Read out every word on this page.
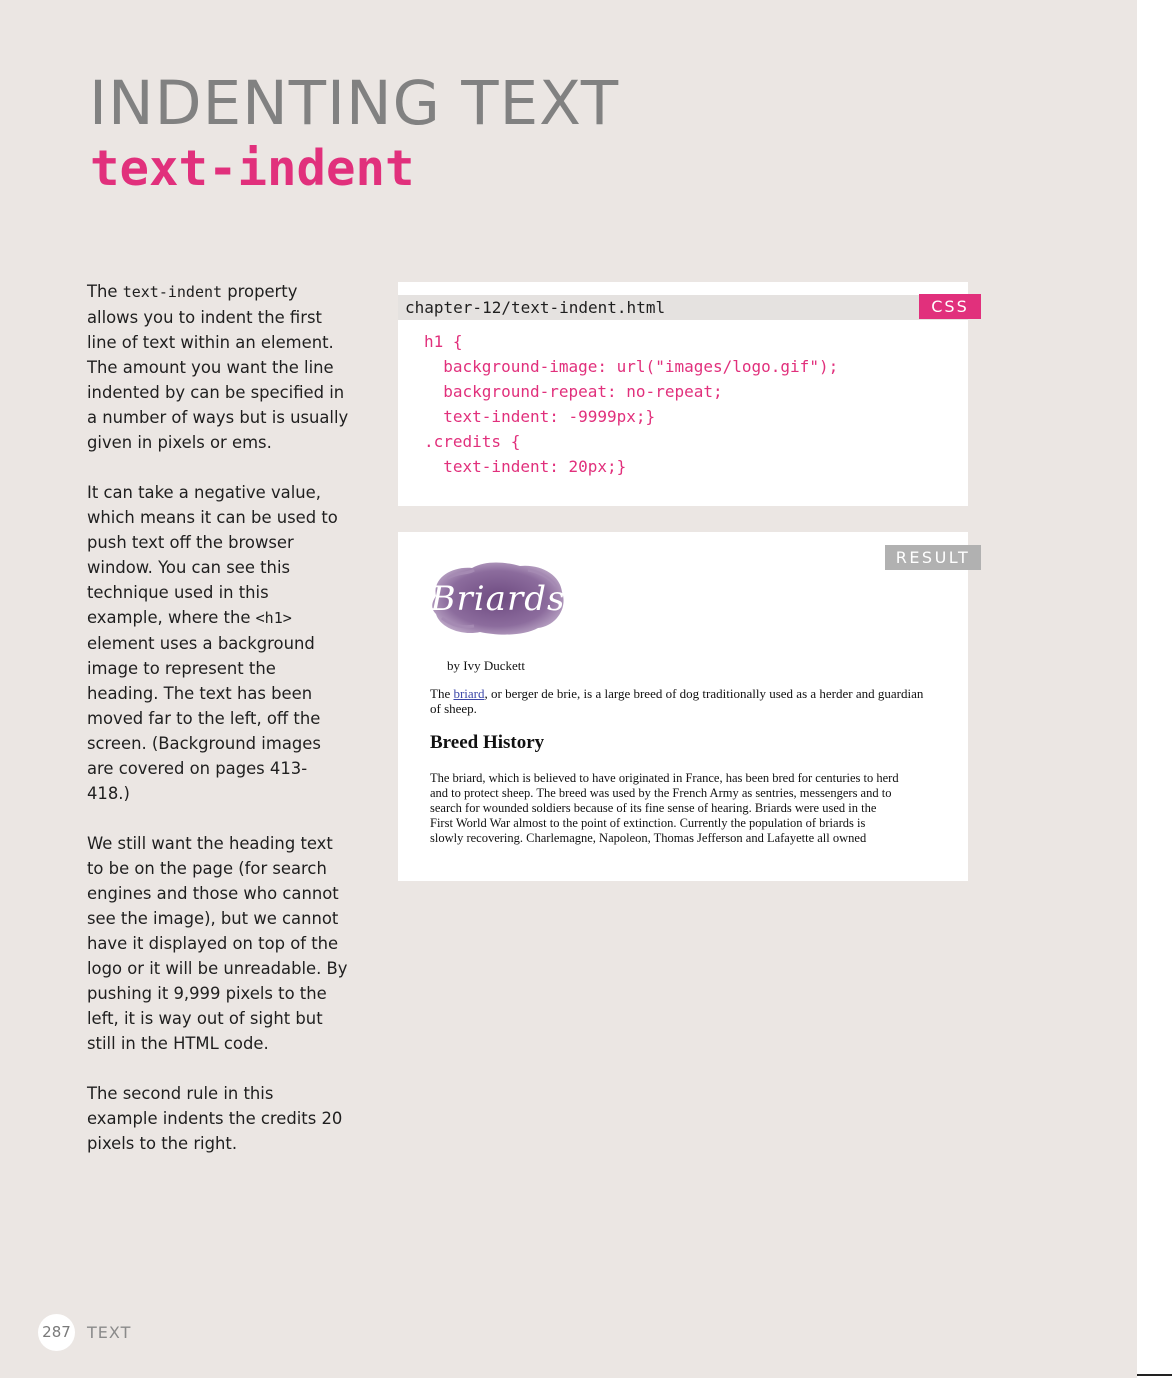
INDENTING TEXT
text-indent

The text-indent property allows you to indent the first line of text within an element. The amount you want the line indented by can be specified in a number of ways but is usually given in pixels or ems.

It can take a negative value, which means it can be used to push text off the browser window. You can see this technique used in this example, where the <h1> element uses a background image to represent the heading. The text has been moved far to the left, off the screen. (Background images are covered on pages 413-418.)

We still want the heading text to be on the page (for search engines and those who cannot see the image), but we cannot have it displayed on top of the logo or it will be unreadable. By pushing it 9,999 pixels to the left, it is way out of sight but still in the HTML code.

The second rule in this example indents the credits 20 pixels to the right.

chapter-12/text-indent.html
h1 {
background-image: url("images/logo.gif");
background-repeat: no-repeat;
text-indent: -9999px;}
.credits {
text-indent: 20px;}
CSS
Briards
by Ivy Duckett

The briard, or berger de brie, is a large breed of dog traditionally used as a herder and guardian of sheep.

Breed History

The briard, which is believed to have originated in France, has been bred for centuries to herd
and to protect sheep. The breed was used by the French Army as sentries, messengers and to
search for wounded soldiers because of its fine sense of hearing. Briards were used in the
First World War almost to the point of extinction. Currently the population of briards is
slowly recovering. Charlemagne, Napoleon, Thomas Jefferson and Lafayette all owned

RESULT
287 TEXT
